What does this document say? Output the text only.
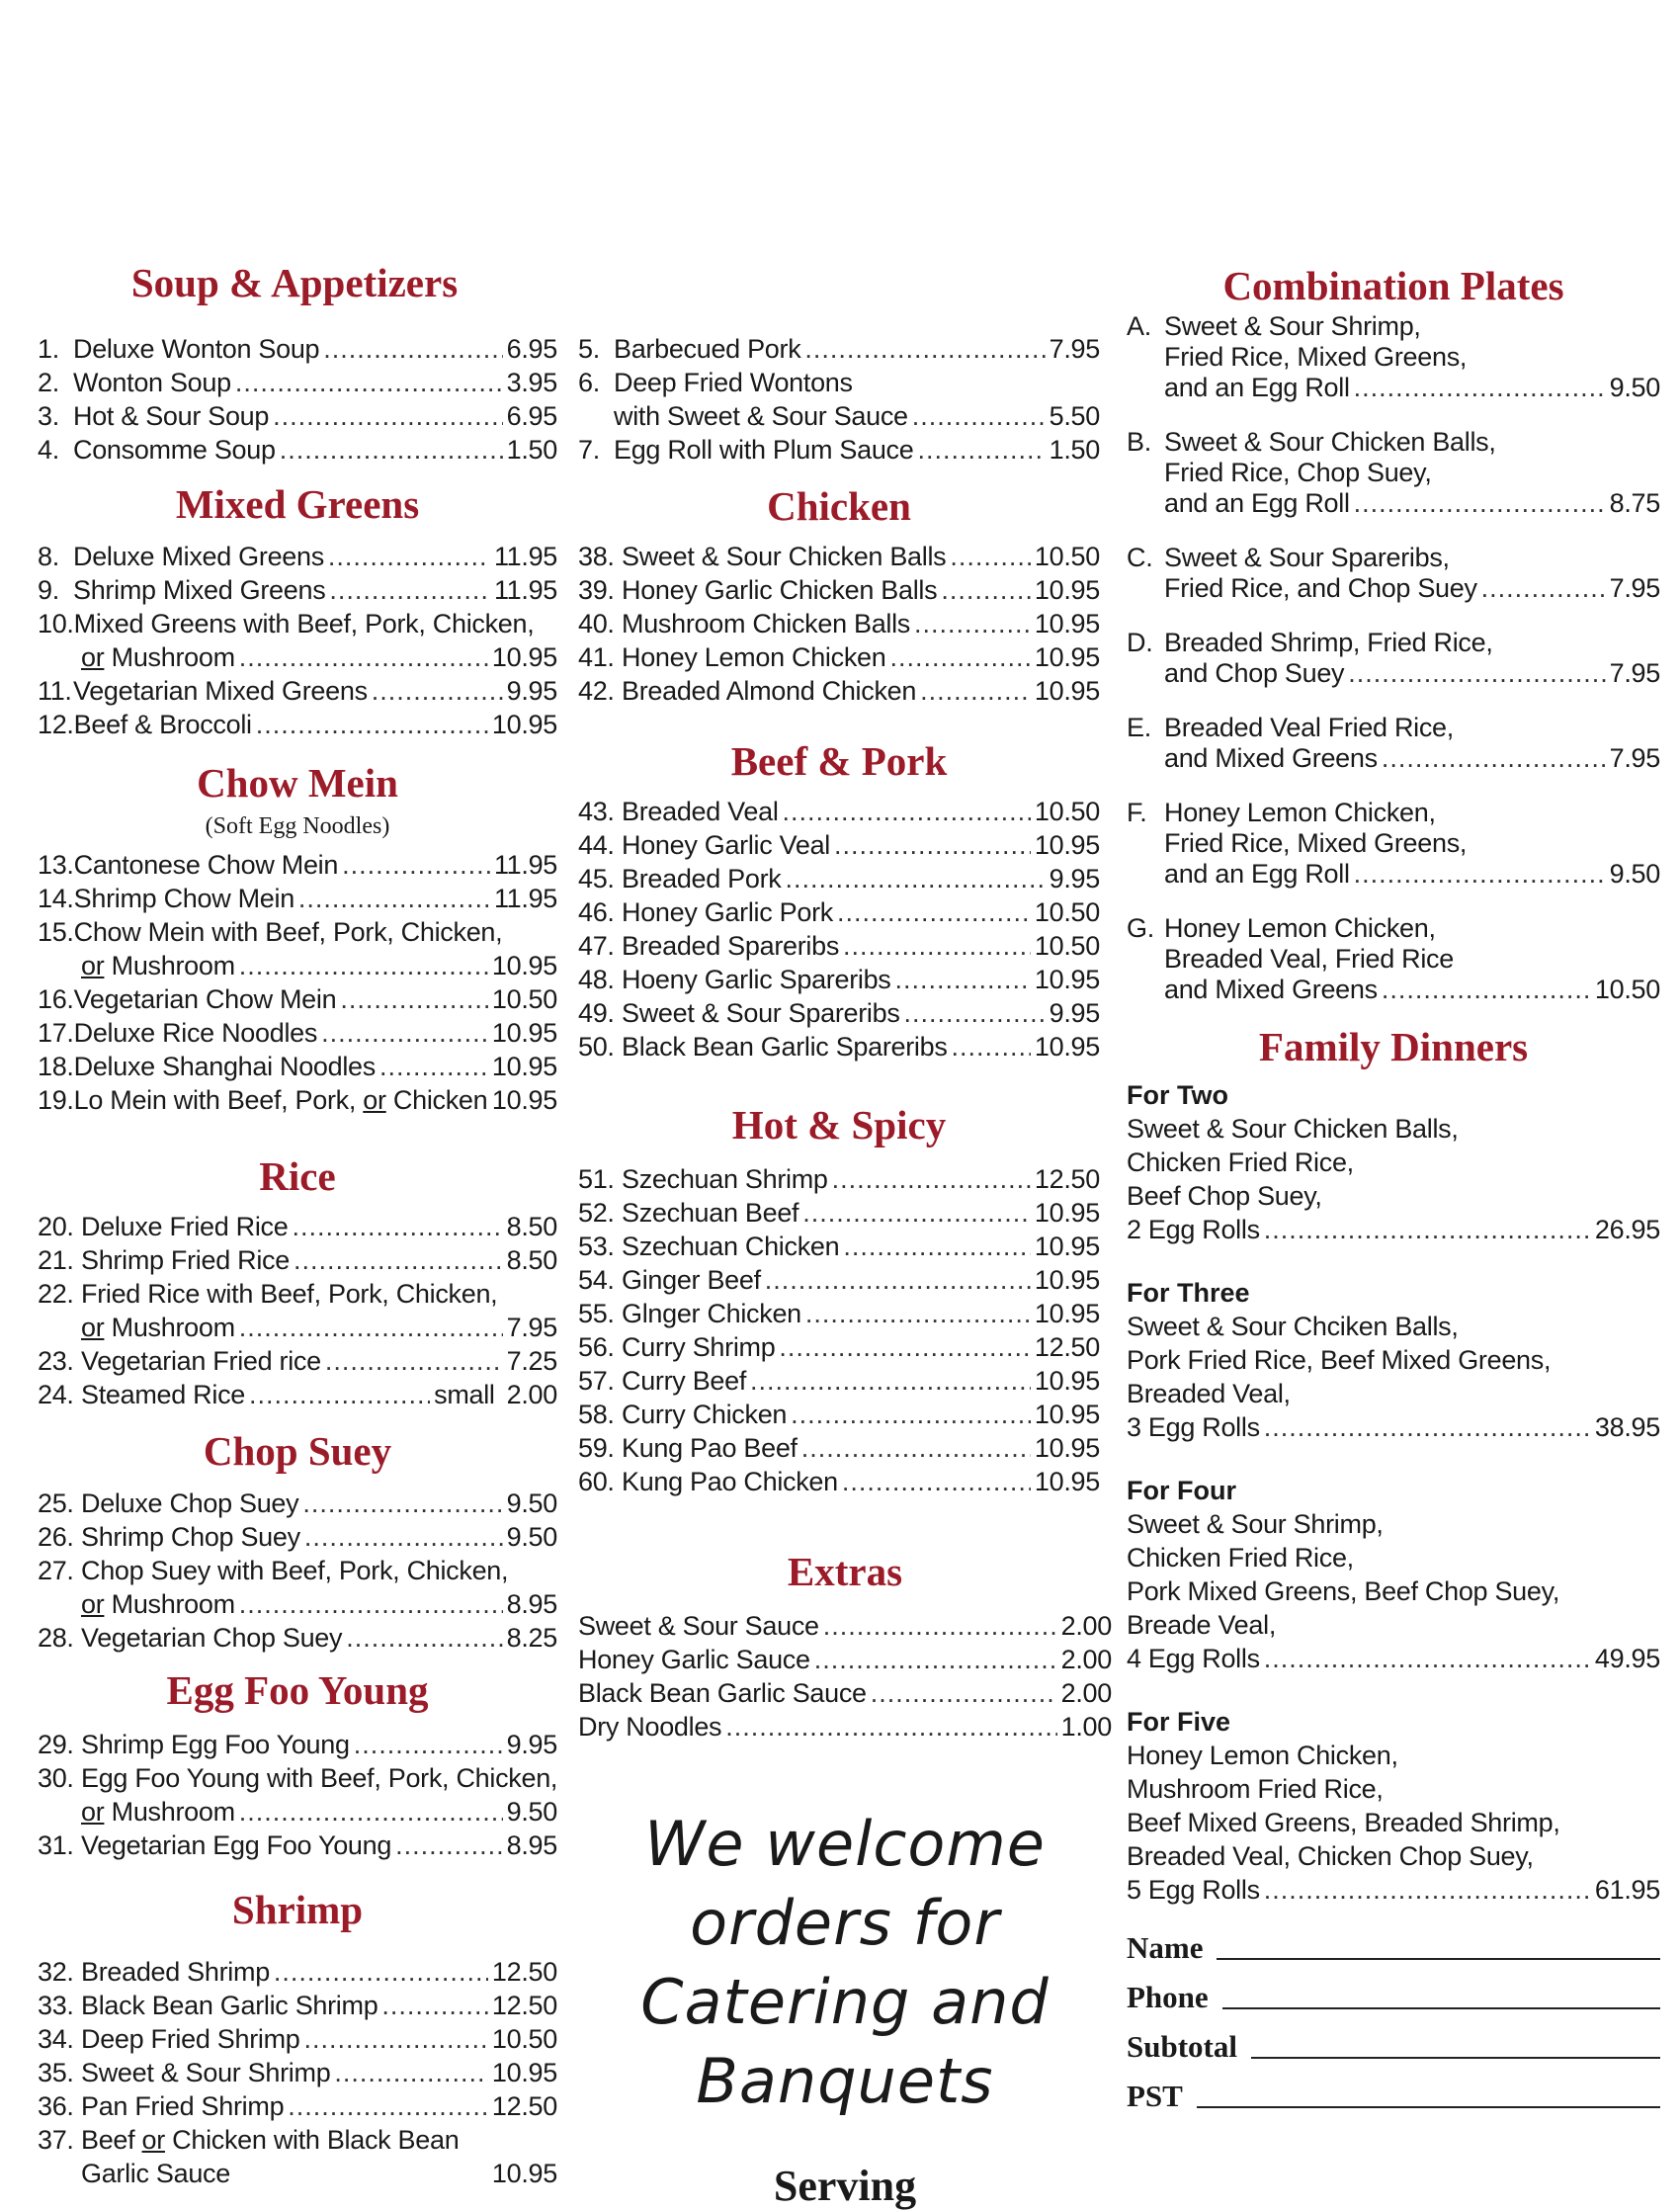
Soup & Appetizers
1. Deluxe Wonton Soup .....	6.95
2. Wonton Soup .....	3.95
3. Hot & Sour Soup .....	6.95
4. Consomme Soup .....	1.50
Mixed Greens
8. Deluxe Mixed Greens .....	11.95
9. Shrimp Mixed Greens .....	11.95
10. Mixed Greens with Beef, Pork, Chicken,
or Mushroom .....	10.95
11. Vegetarian Mixed Greens .....	9.95
12. Beef & Broccoli .....	10.95
Chow Mein

(Soft Egg Noodles)

13. Cantonese Chow Mein .....	11.95
14. Shrimp Chow Mein .....	11.95
15. Chow Mein with Beef, Pork, Chicken,
or Mushroom .....	10.95
16. Vegetarian Chow Mein .....	10.50
17. Deluxe Rice Noodles .....	10.95
18. Deluxe Shanghai Noodles .....	10.95
19. Lo Mein with Beef, Pork, or Chicken 10.95
Rice
20. Deluxe Fried Rice .....	8.50
21. Shrimp Fried Rice .....	8.50
22. Fried Rice with Beef, Pork, Chicken,
or Mushroom .....	7.95
23. Vegetarian Fried rice .....	7.25
24. Steamed Rice .....	small 2.00
Chop Suey
25. Deluxe Chop Suey .....	9.50
26. Shrimp Chop Suey .....	9.50
27. Chop Suey with Beef, Pork, Chicken,
or Mushroom .....	8.95
28. Vegetarian Chop Suey .....	8.25
Egg Foo Young
29. Shrimp Egg Foo Young .....	9.95
30. Egg Foo Young with Beef, Pork, Chicken,
or Mushroom .....	9.50
31. Vegetarian Egg Foo Young .....	8.95
Shrimp
32. Breaded Shrimp .....	12.50
33. Black Bean Garlic Shrimp .....	12.50
34. Deep Fried Shrimp .....	10.50
35. Sweet & Sour Shrimp .....	10.95
36. Pan Fried Shrimp .....	12.50
37. Beef or Chicken with Black Bean
Garlic Sauce	10.95
5. Barbecued Pork .....	7.95
6. Deep Fried Wontons
with Sweet & Sour Sauce .....	5.50
7. Egg Roll with Plum Sauce .....	1.50
Chicken
38. Sweet & Sour Chicken Balls .....	10.50
39. Honey Garlic Chicken Balls .....	10.95
40. Mushroom Chicken Balls .....	10.95
41. Honey Lemon Chicken .....	10.95
42. Breaded Almond Chicken .....	10.95
Beef & Pork
43. Breaded Veal .....	10.50
44. Honey Garlic Veal .....	10.95
45. Breaded Pork .....	9.95
46. Honey Garlic Pork .....	10.50
47. Breaded Spareribs .....	10.50
48. Hoeny Garlic Spareribs .....	10.95
49. Sweet & Sour Spareribs .....	9.95
50. Black Bean Garlic Spareribs .....	10.95
Hot & Spicy
51. Szechuan Shrimp .....	12.50
52. Szechuan Beef .....	10.95
53. Szechuan Chicken .....	10.95
54. Ginger Beef .....	10.95
55. Glnger Chicken .....	10.95
56. Curry Shrimp .....	12.50
57. Curry Beef .....	10.95
58. Curry Chicken .....	10.95
59. Kung Pao Beef .....	10.95
60. Kung Pao Chicken .....	10.95
Extras
Sweet & Sour Sauce .....	2.00
Honey Garlic Sauce .....	2.00
Black Bean Garlic Sauce .....	2.00
Dry Noodles .....	1.00
We welcome
orders for
Catering and
Banquets
Serving
Combination Plates
A. Sweet & Sour Shrimp,
Fried Rice, Mixed Greens,
and an Egg Roll .....	9.50
B. Sweet & Sour Chicken Balls,
Fried Rice, Chop Suey,
and an Egg Roll .....	8.75
C. Sweet & Sour Spareribs,
Fried Rice, and Chop Suey .....	7.95
D. Breaded Shrimp, Fried Rice,
and Chop Suey .....	7.95
E. Breaded Veal Fried Rice,
and Mixed Greens .....	7.95
F. Honey Lemon Chicken,
Fried Rice, Mixed Greens,
and an Egg Roll .....	9.50
G. Honey Lemon Chicken,
Breaded Veal, Fried Rice
and Mixed Greens .....	10.50
Family Dinners
For Two
Sweet & Sour Chicken Balls,
Chicken Fried Rice,
Beef Chop Suey,
2 Egg Rolls .....	26.95
For Three
Sweet & Sour Chciken Balls,
Pork Fried Rice, Beef Mixed Greens,
Breaded Veal,
3 Egg Rolls .....	38.95
For Four
Sweet & Sour Shrimp,
Chicken Fried Rice,
Pork Mixed Greens, Beef Chop Suey,
Breade Veal,
4 Egg Rolls .....	49.95
For Five
Honey Lemon Chicken,
Mushroom Fried Rice,
Beef Mixed Greens, Breaded Shrimp,
Breaded Veal, Chicken Chop Suey,
5 Egg Rolls .....	61.95
Name
Phone
Subtotal
PST
